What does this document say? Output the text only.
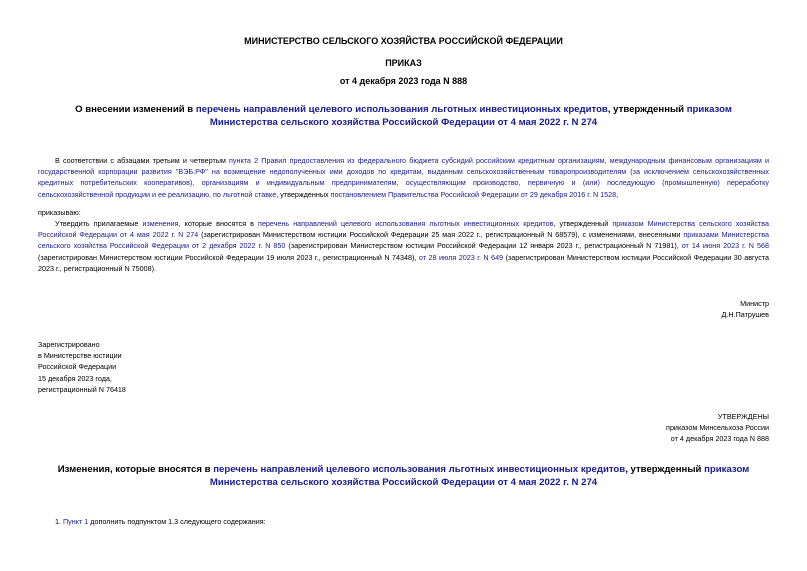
МИНИСТЕРСТВО СЕЛЬСКОГО ХОЗЯЙСТВА РОССИЙСКОЙ ФЕДЕРАЦИИ
ПРИКАЗ
от 4 декабря 2023 года N 888
О внесении изменений в перечень направлений целевого использования льготных инвестиционных кредитов, утвержденный приказом Министерства сельского хозяйства Российской Федерации от 4 мая 2022 г. N 274

В соответствии с абзацами третьим и четвертым пункта 2 Правил предоставления из федерального бюджета субсидий российским кредитным организациям, международным финансовым организациям и государственной корпорации развития "ВЭБ.РФ" на возмещение недополученных ими доходов по кредитам, выданным сельскохозяйственным товаропроизводителям (за исключением сельскохозяйственных кредитных потребительских кооперативов), организациям и индивидуальным предпринимателям, осуществляющим производство, первичную и (или) последующую (промышленную) переработку сельскохозяйственной продукции и ее реализацию, по льготной ставке, утвержденных постановлением Правительства Российской Федерации от 29 декабря 2016 г. N 1528,

приказываю:

Утвердить прилагаемые изменения, которые вносятся в перечень направлений целевого использования льготных инвестиционных кредитов, утвержденный приказом Министерства сельского хозяйства Российской Федерации от 4 мая 2022 г. N 274 (зарегистрирован Министерством юстиции Российской Федерации 25 мая 2022 г., регистрационный N 68579), с изменениями, внесенными приказами Министерства сельского хозяйства Российской Федерации от 2 декабря 2022 г. N 850 (зарегистрирован Министерством юстиции Российской Федерации 12 января 2023 г., регистрационный N 71981), от 14 июня 2023 г. N 568 (зарегистрирован Министерством юстиции Российской Федерации 19 июля 2023 г., регистрационный N 74348), от 28 июля 2023 г. N 649 (зарегистрирован Министерством юстиции Российской Федерации 30 августа 2023 г., регистрационный N 75008).

Министр
Д.Н.Патрушев
Зарегистрировано
в Министерстве юстиции
Российской Федерации
15 декабря 2023 года,
регистрационный N 76418
УТВЕРЖДЕНЫ
приказом Минсельхоза России
от 4 декабря 2023 года N 888
Изменения, которые вносятся в перечень направлений целевого использования льготных инвестиционных кредитов, утвержденный приказом Министерства сельского хозяйства Российской Федерации от 4 мая 2022 г. N 274
1. Пункт 1 дополнить подпунктом 1.3 следующего содержания:
